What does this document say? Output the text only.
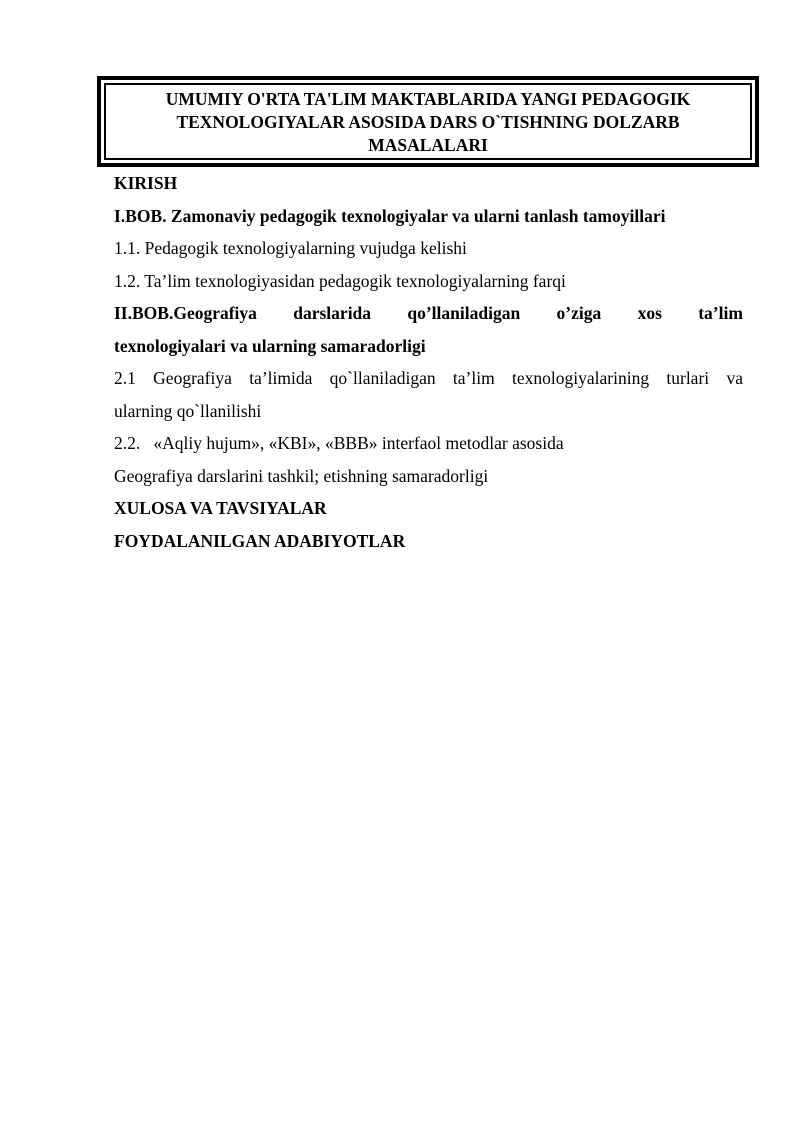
UMUMIY O'RTA TA'LIM MAKTABLARIDA YANGI PEDAGOGIK
TEXNOLOGIYALAR ASOSIDA DARS O`TISHNING DOLZARB
MASALALARI
KIRISH
I.BOB. Zamonaviy pedagogik texnologiyalar va ularni tanlash tamoyillari
1.1. Pedagogik texnologiyalarning vujudga kelishi
1.2. Ta’lim texnologiyasidan pedagogik texnologiyalarning farqi
II.BOB.Geografiya darslarida qo’llaniladigan o’ziga xos ta’lim
texnologiyalari va ularning samaradorligi
2.1 Geografiya ta’limida qo`llaniladigan ta’lim texnologiyalarining turlari va
ularning qo`llanilishi
2.2.   «Aqliy hujum», «KBI», «BBB» interfaol metodlar asosida
Geografiya darslarini tashkil; etishning samaradorligi
XULOSA VA TAVSIYALAR
FOYDALANILGAN ADABIYOTLAR
